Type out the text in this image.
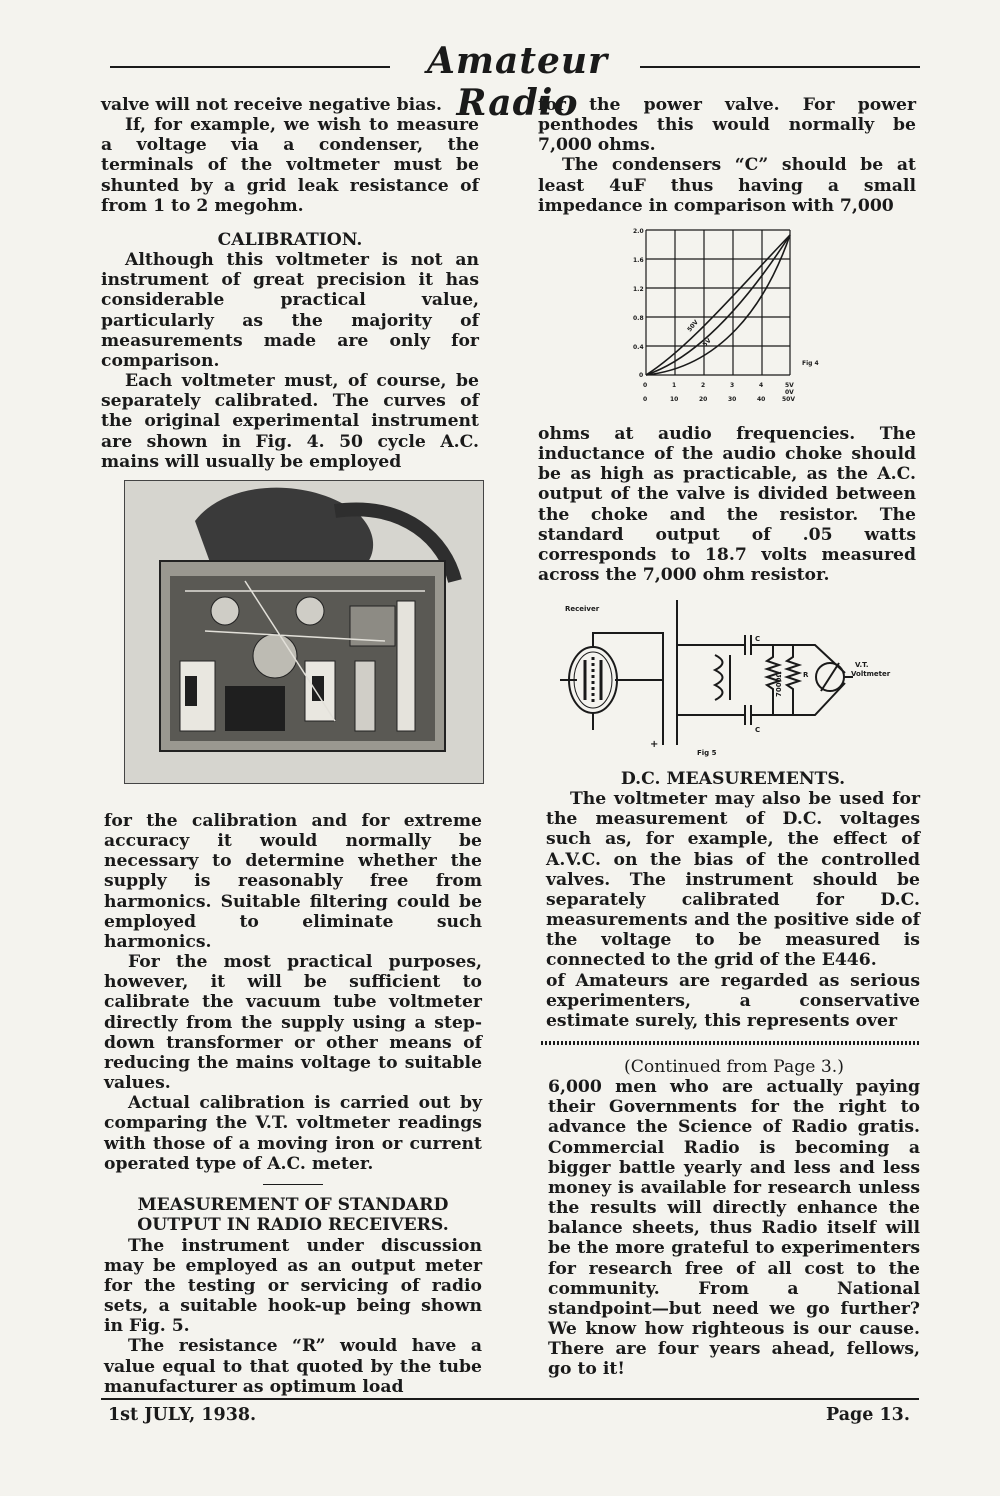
Amateur Radio

valve will not receive negative bias.

If, for example, we wish to measure a voltage via a condenser, the terminals of the voltmeter must be shunted by a grid leak resistance of from 1 to 2 megohm.

CALIBRATION.

Although this voltmeter is not an instrument of great precision it has considerable practical value, particularly as the majority of measurements made are only for comparison.

Each voltmeter must, of course, be separately calibrated. The curves of the original experimental instrument are shown in Fig. 4. 50 cycle A.C. mains will usually be employed

for the calibration and for extreme accuracy it would normally be necessary to determine whether the supply is reasonably free from harmonics. Suitable filtering could be employed to eliminate such harmonics.

For the most practical purposes, however, it will be sufficient to calibrate the vacuum tube voltmeter directly from the supply using a step-down transformer or other means of reducing the mains voltage to suitable values.

Actual calibration is carried out by comparing the V.T. voltmeter readings with those of a moving iron or current operated type of A.C. meter.

MEASUREMENT OF STANDARD

OUTPUT IN RADIO RECEIVERS.

The instrument under discussion may be employed as an output meter for the testing or servicing of radio sets, a suitable hook-up being shown in Fig. 5.

The resistance “R” would have a value equal to that quoted by the tube manufacturer as optimum load

for the power valve. For power penthodes this would normally be 7,000 ohms.

The condensers “C” should be at least 4uF thus having a small impedance in comparison with 7,000

2.0
1.6
1.2
0.8
0.4
0
0	1	2	3	4	5V
0V
0	10	20	30	40	50V
Fig 4
50V
5V

ohms at audio frequencies. The inductance of the audio choke should be as high as practicable, as the A.C. output of the valve is divided between the choke and the resistor. The standard output of .05 watts corresponds to 18.7 volts measured across the 7,000 ohm resistor.

Receiver
C
C
7000Ω	R
V.T.
Voltmeter
Fig 5
+

D.C. MEASUREMENTS.

The voltmeter may also be used for the measurement of D.C. voltages such as, for example, the effect of A.V.C. on the bias of the controlled valves. The instrument should be separately calibrated for D.C. measurements and the positive side of the voltage to be measured is connected to the grid of the E446.

of Amateurs are regarded as serious experimenters, a conservative estimate surely, this represents over

(Continued from Page 3.)

6,000 men who are actually paying their Governments for the right to advance the Science of Radio gratis. Commercial Radio is becoming a bigger battle yearly and less and less money is available for research unless the results will directly enhance the balance sheets, thus Radio itself will be the more grateful to experimenters for research free of all cost to the community. From a National standpoint—but need we go further? We know how righteous is our cause. There are four years ahead, fellows, go to it!

1st JULY, 1938.	Page 13.
